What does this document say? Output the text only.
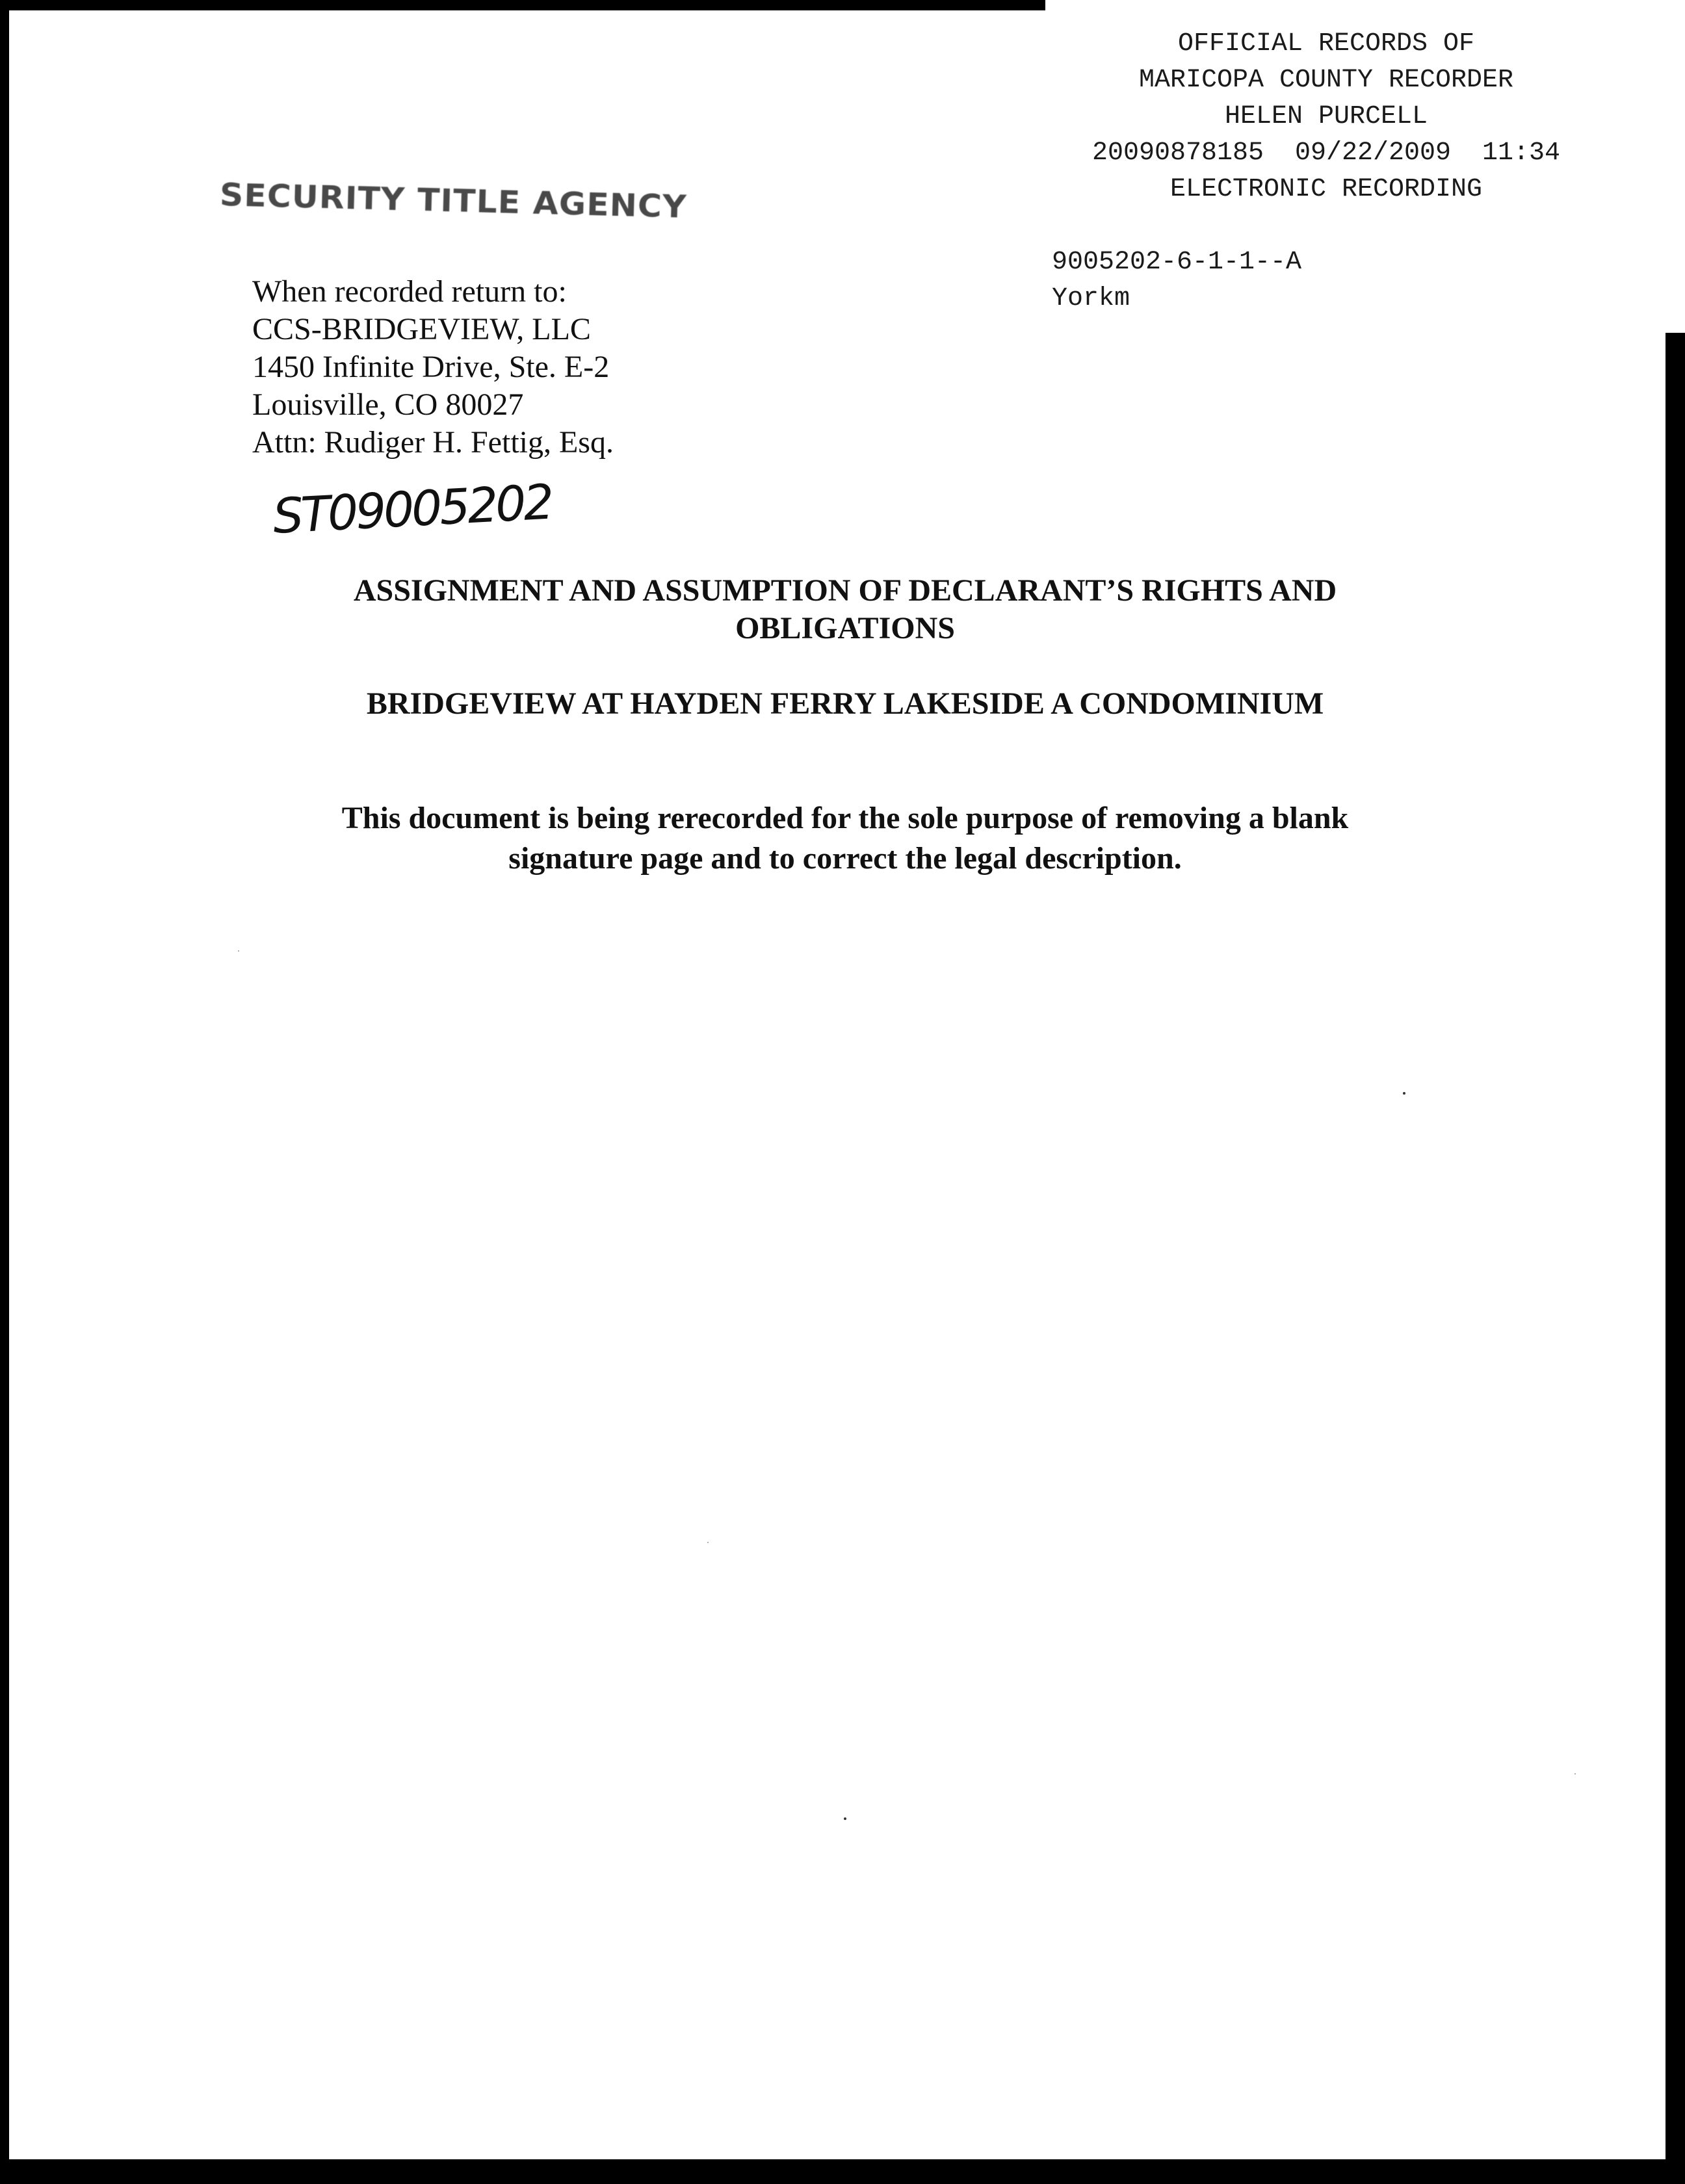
OFFICIAL RECORDS OF
MARICOPA COUNTY RECORDER
HELEN PURCELL
20090878185  09/22/2009  11:34
ELECTRONIC RECORDING
9005202-6-1-1--A
Yorkm
SECURITY TITLE AGENCY
When recorded return to:
CCS-BRIDGEVIEW, LLC
1450 Infinite Drive, Ste. E-2
Louisville, CO 80027
Attn: Rudiger H. Fettig, Esq.
ST09005202
ASSIGNMENT AND ASSUMPTION OF DECLARANT’S RIGHTS AND
OBLIGATIONS
BRIDGEVIEW AT HAYDEN FERRY LAKESIDE A CONDOMINIUM
This document is being rerecorded for the sole purpose of removing a blank
signature page and to correct the legal description.
